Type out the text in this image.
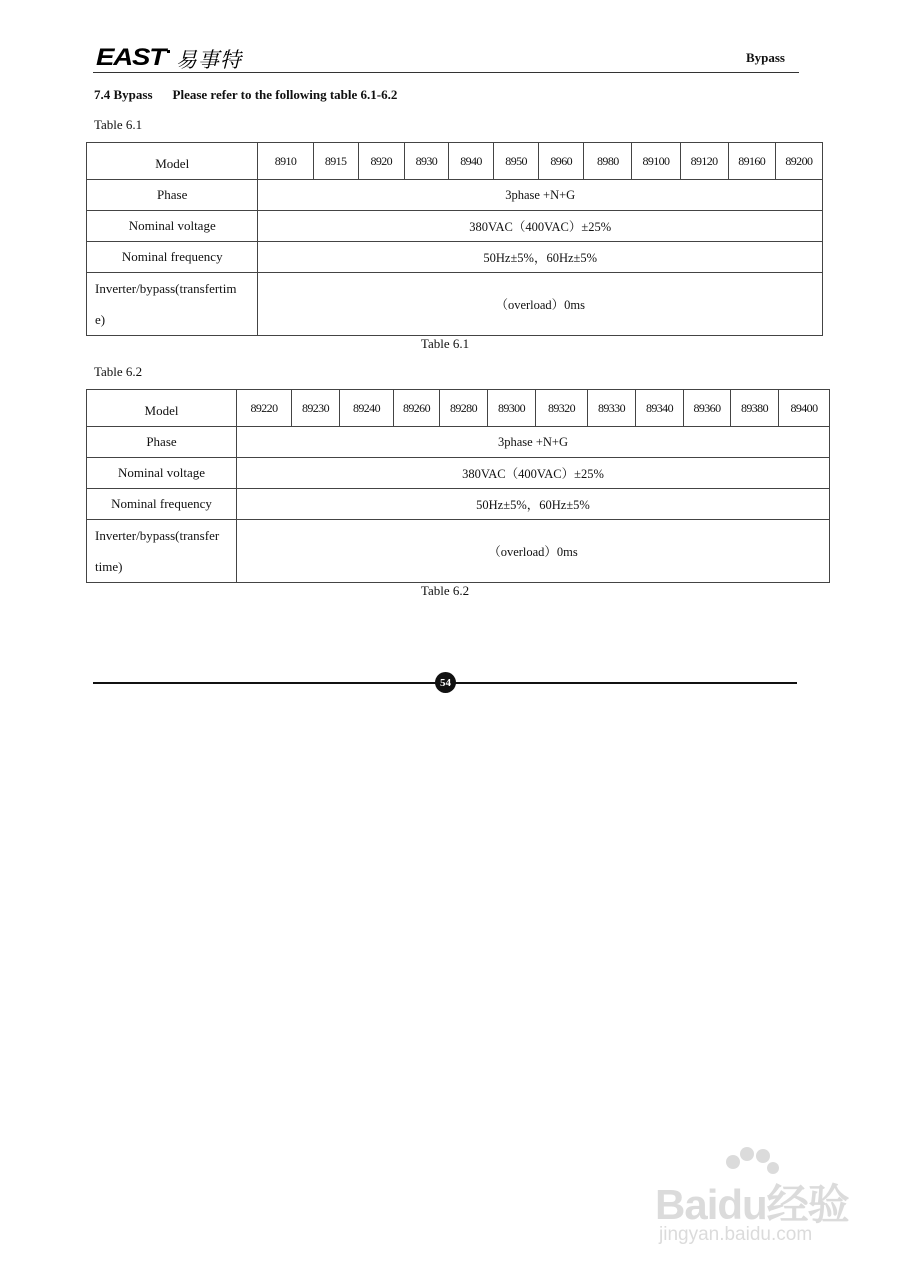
EAST 易事特	Bypass
7.4 Bypass Please refer to the following table 6.1-6.2
Table 6.1
Model	8910	8915	8920	8930	8940	8950	8960	8980	89100	89120	89160	89200
Phase	3phase +N+G											
Nominal voltage	380VAC（400VAC）±25%											
Nominal frequency	50Hz±5%，60Hz±5%											
Inverter/bypass(transfertim
e)	（overload）0ms											
Table 6.1
Table 6.2
Model	89220	89230	89240	89260	89280	89300	89320	89330	89340	89360	89380	89400
Phase	3phase +N+G											
Nominal voltage	380VAC（400VAC）±25%											
Nominal frequency	50Hz±5%，60Hz±5%											
Inverter/bypass(transfer
time)	（overload）0ms											
Table 6.2
54
Baidu经验
jingyan.baidu.com
